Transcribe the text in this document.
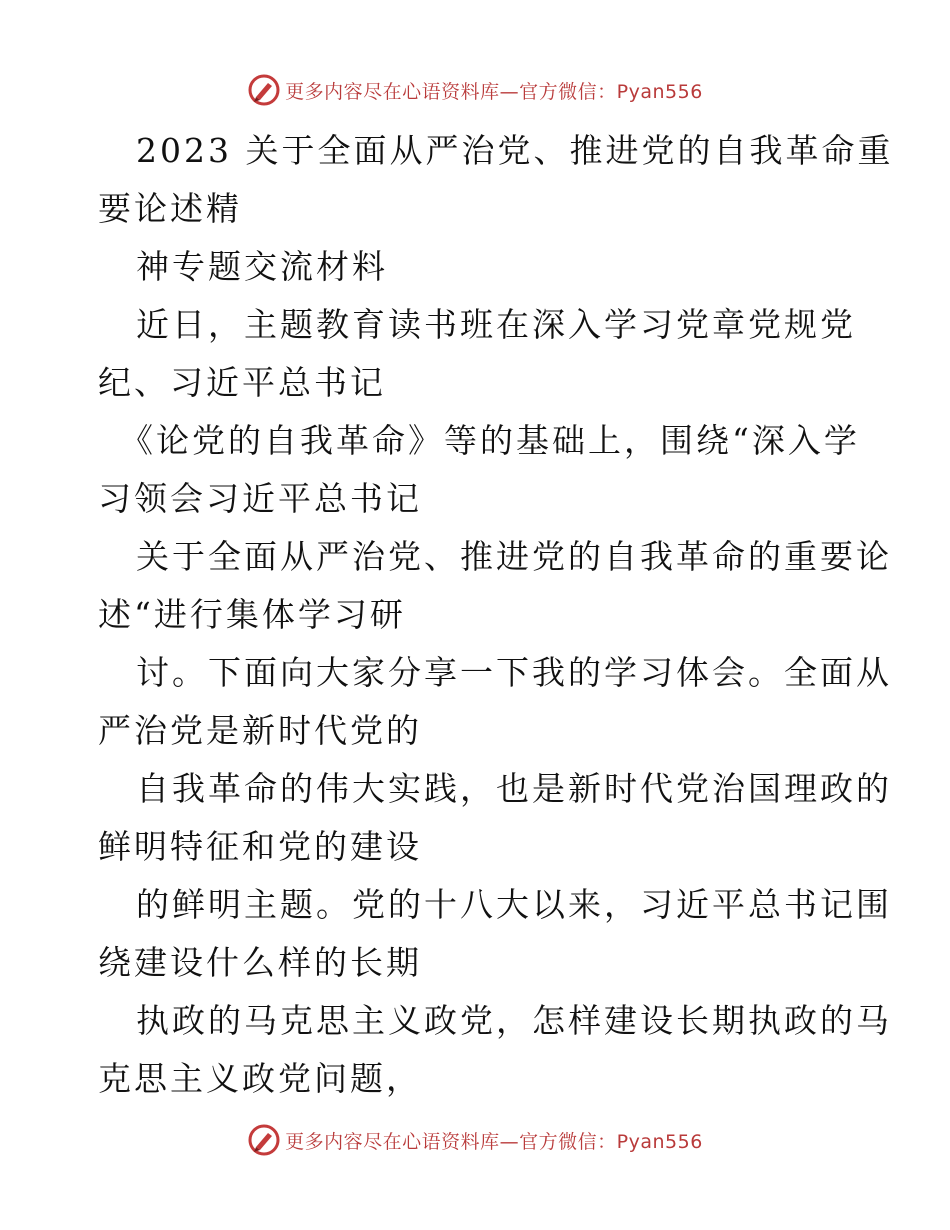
更多内容尽在心语资料库—官方微信：Pyan556
2023 关于全面从严治党、推进党的自我革命重
要论述精
神专题交流材料
近日，主题教育读书班在深入学习党章党规党
纪、习近平总书记
《论党的自我革命》等的基础上，围绕“深入学
习领会习近平总书记
关于全面从严治党、推进党的自我革命的重要论
述“进行集体学习研
讨。下面向大家分享一下我的学习体会。全面从
严治党是新时代党的
自我革命的伟大实践，也是新时代党治国理政的
鲜明特征和党的建设
的鲜明主题。党的十八大以来，习近平总书记围
绕建设什么样的长期
执政的马克思主义政党，怎样建设长期执政的马
克思主义政党问题，
更多内容尽在心语资料库—官方微信：Pyan556
